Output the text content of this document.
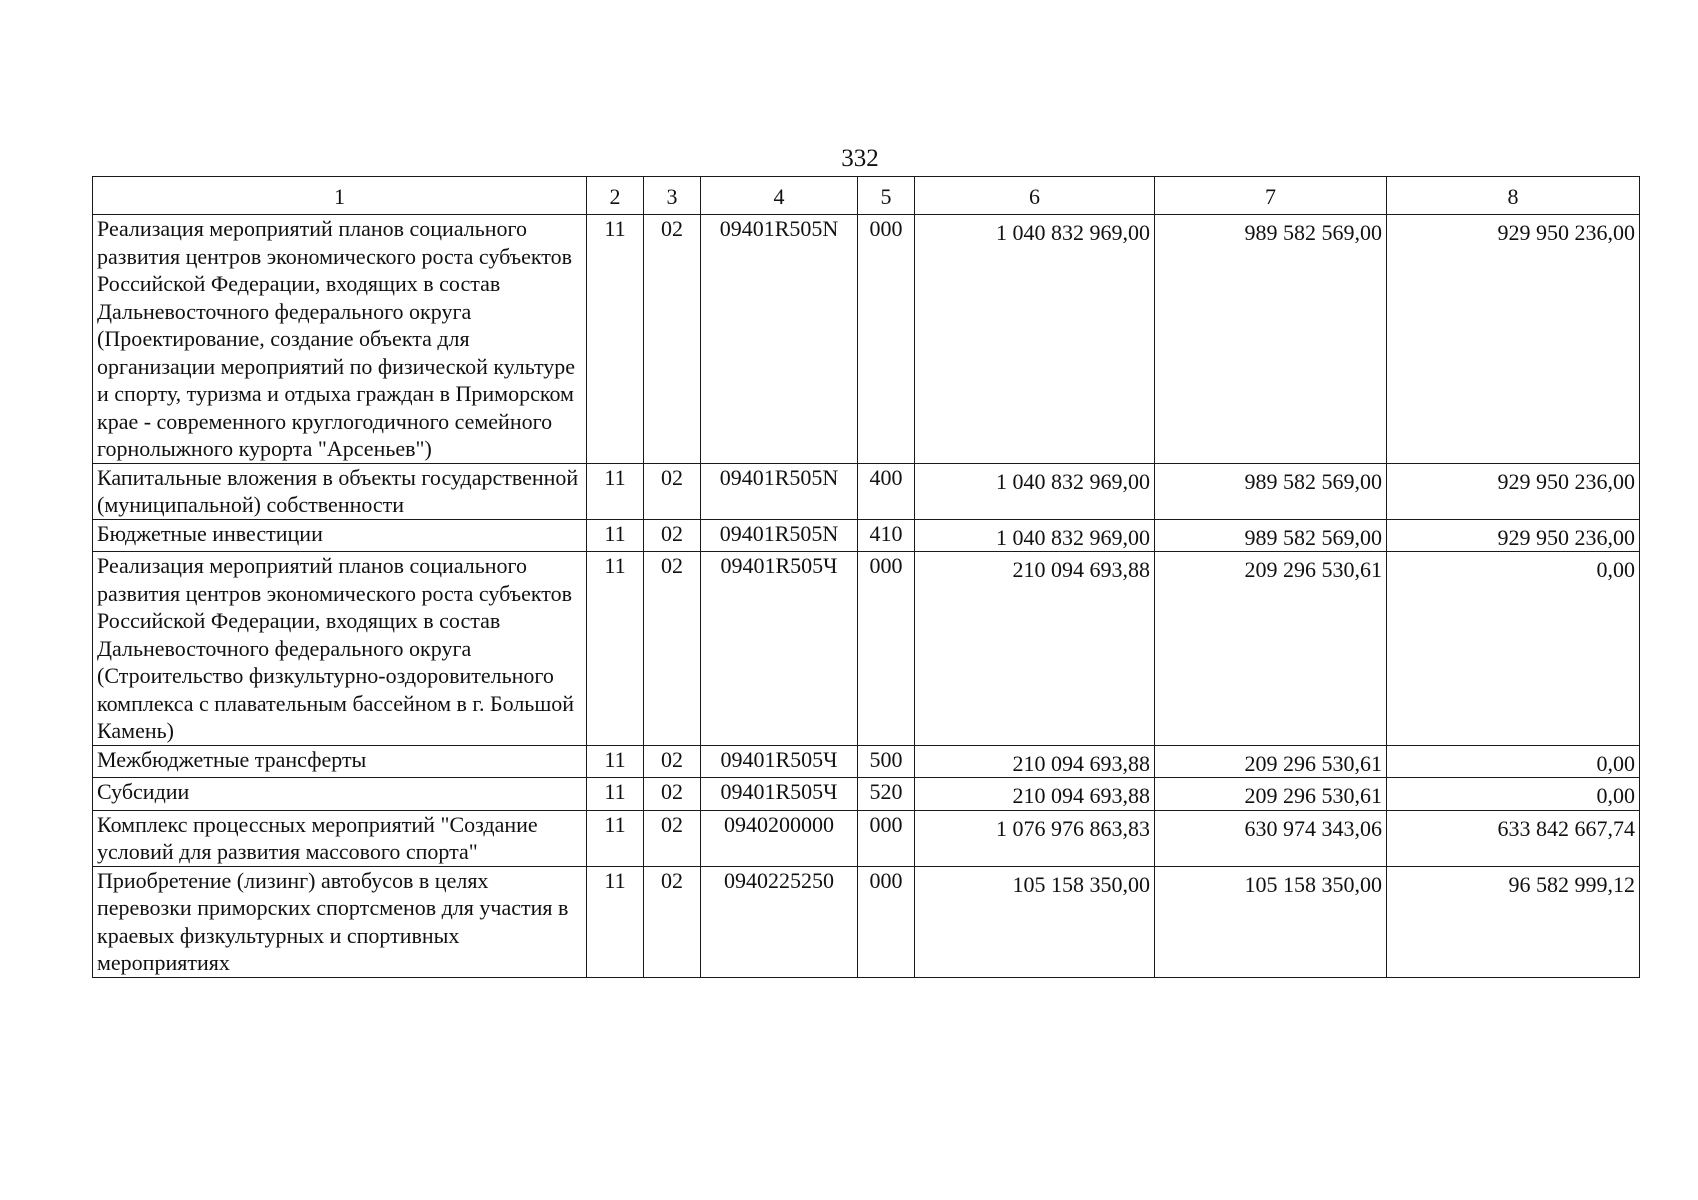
332
1	2	3	4	5	6	7	8
Реализация мероприятий планов социального развития центров экономического роста субъектов Российской Федерации, входящих в состав Дальневосточного федерального округа (Проектирование, создание объекта для организации мероприятий по физической культуре и спорту, туризма и отдыха граждан в Приморском крае - современного круглогодичного семейного горнолыжного курорта "Арсеньев")	11	02	09401R505N	000	1 040 832 969,00	989 582 569,00	929 950 236,00
Капитальные вложения в объекты государственной (муниципальной) собственности	11	02	09401R505N	400	1 040 832 969,00	989 582 569,00	929 950 236,00
Бюджетные инвестиции	11	02	09401R505N	410	1 040 832 969,00	989 582 569,00	929 950 236,00
Реализация мероприятий планов социального развития центров экономического роста субъектов Российской Федерации, входящих в состав Дальневосточного федерального округа (Строительство физкультурно-оздоровительного комплекса с плавательным бассейном в г. Большой Камень)	11	02	09401R505Ч	000	210 094 693,88	209 296 530,61	0,00
Межбюджетные трансферты	11	02	09401R505Ч	500	210 094 693,88	209 296 530,61	0,00
Субсидии	11	02	09401R505Ч	520	210 094 693,88	209 296 530,61	0,00
Комплекс процессных мероприятий "Создание условий для развития массового спорта"	11	02	0940200000	000	1 076 976 863,83	630 974 343,06	633 842 667,74
Приобретение (лизинг) автобусов в целях перевозки приморских спортсменов для участия в краевых физкультурных и спортивных мероприятиях	11	02	0940225250	000	105 158 350,00	105 158 350,00	96 582 999,12
